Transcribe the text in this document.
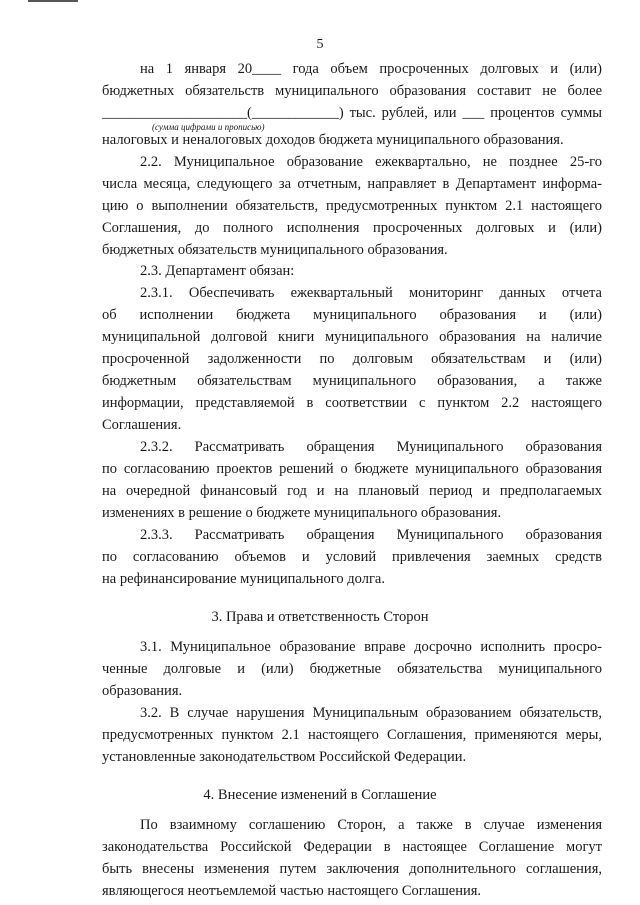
5
на 1 января 20____ года объем просроченных долговых и (или)
бюджетных обязательств муниципального образования составит не более
____________________(____________) тыс. рублей, или ___ процентов суммы
(сумма цифрами и прописью)
налоговых и неналоговых доходов бюджета муниципального образования.
2.2. Муниципальное образование ежеквартально, не позднее 25-го
числа месяца, следующего за отчетным, направляет в Департамент информа-
цию о выполнении обязательств, предусмотренных пунктом 2.1 настоящего
Соглашения, до полного исполнения просроченных долговых и (или)
бюджетных обязательств муниципального образования.
2.3. Департамент обязан:
2.3.1. Обеспечивать ежеквартальный мониторинг данных отчета
об исполнении бюджета муниципального образования и (или)
муниципальной долговой книги муниципального образования на наличие
просроченной задолженности по долговым обязательствам и (или)
бюджетным обязательствам муниципального образования, а также
информации, представляемой в соответствии с пунктом 2.2 настоящего
Соглашения.
2.3.2. Рассматривать обращения Муниципального образования
по согласованию проектов решений о бюджете муниципального образования
на очередной финансовый год и на плановый период и предполагаемых
изменениях в решение о бюджете муниципального образования.
2.3.3. Рассматривать обращения Муниципального образования
по согласованию объемов и условий привлечения заемных средств
на рефинансирование муниципального долга.
3. Права и ответственность Сторон
3.1. Муниципальное образование вправе досрочно исполнить просро-
ченные долговые и (или) бюджетные обязательства муниципального
образования.
3.2. В случае нарушения Муниципальным образованием обязательств,
предусмотренных пунктом 2.1 настоящего Соглашения, применяются меры,
установленные законодательством Российской Федерации.
4. Внесение изменений в Соглашение
По взаимному соглашению Сторон, а также в случае изменения
законодательства Российской Федерации в настоящее Соглашение могут
быть внесены изменения путем заключения дополнительного соглашения,
являющегося неотъемлемой частью настоящего Соглашения.
